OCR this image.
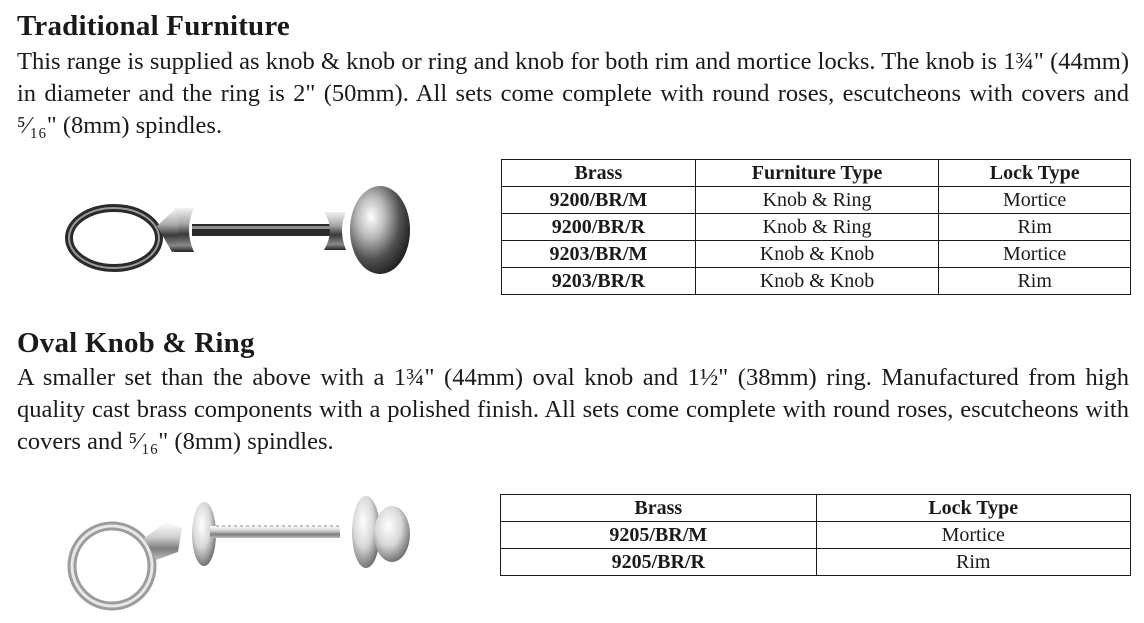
Traditional Furniture

This range is supplied as knob & knob or ring and knob for both rim and mortice locks. The knob is 1¾" (44mm) in diameter and the ring is 2" (50mm). All sets come complete with round roses, escutcheons with covers and ⁵⁄₁₆" (8mm) spindles.

Brass	Furniture Type	Lock Type
9200/BR/M	Knob & Ring	Mortice
9200/BR/R	Knob & Ring	Rim
9203/BR/M	Knob & Knob	Mortice
9203/BR/R	Knob & Knob	Rim
Oval Knob & Ring

A smaller set than the above with a 1¾" (44mm) oval knob and 1½" (38mm) ring. Manufactured from high quality cast brass components with a polished finish. All sets come complete with round roses, escutcheons with covers and ⁵⁄₁₆" (8mm) spindles.

Brass	Lock Type
9205/BR/M	Mortice
9205/BR/R	Rim
